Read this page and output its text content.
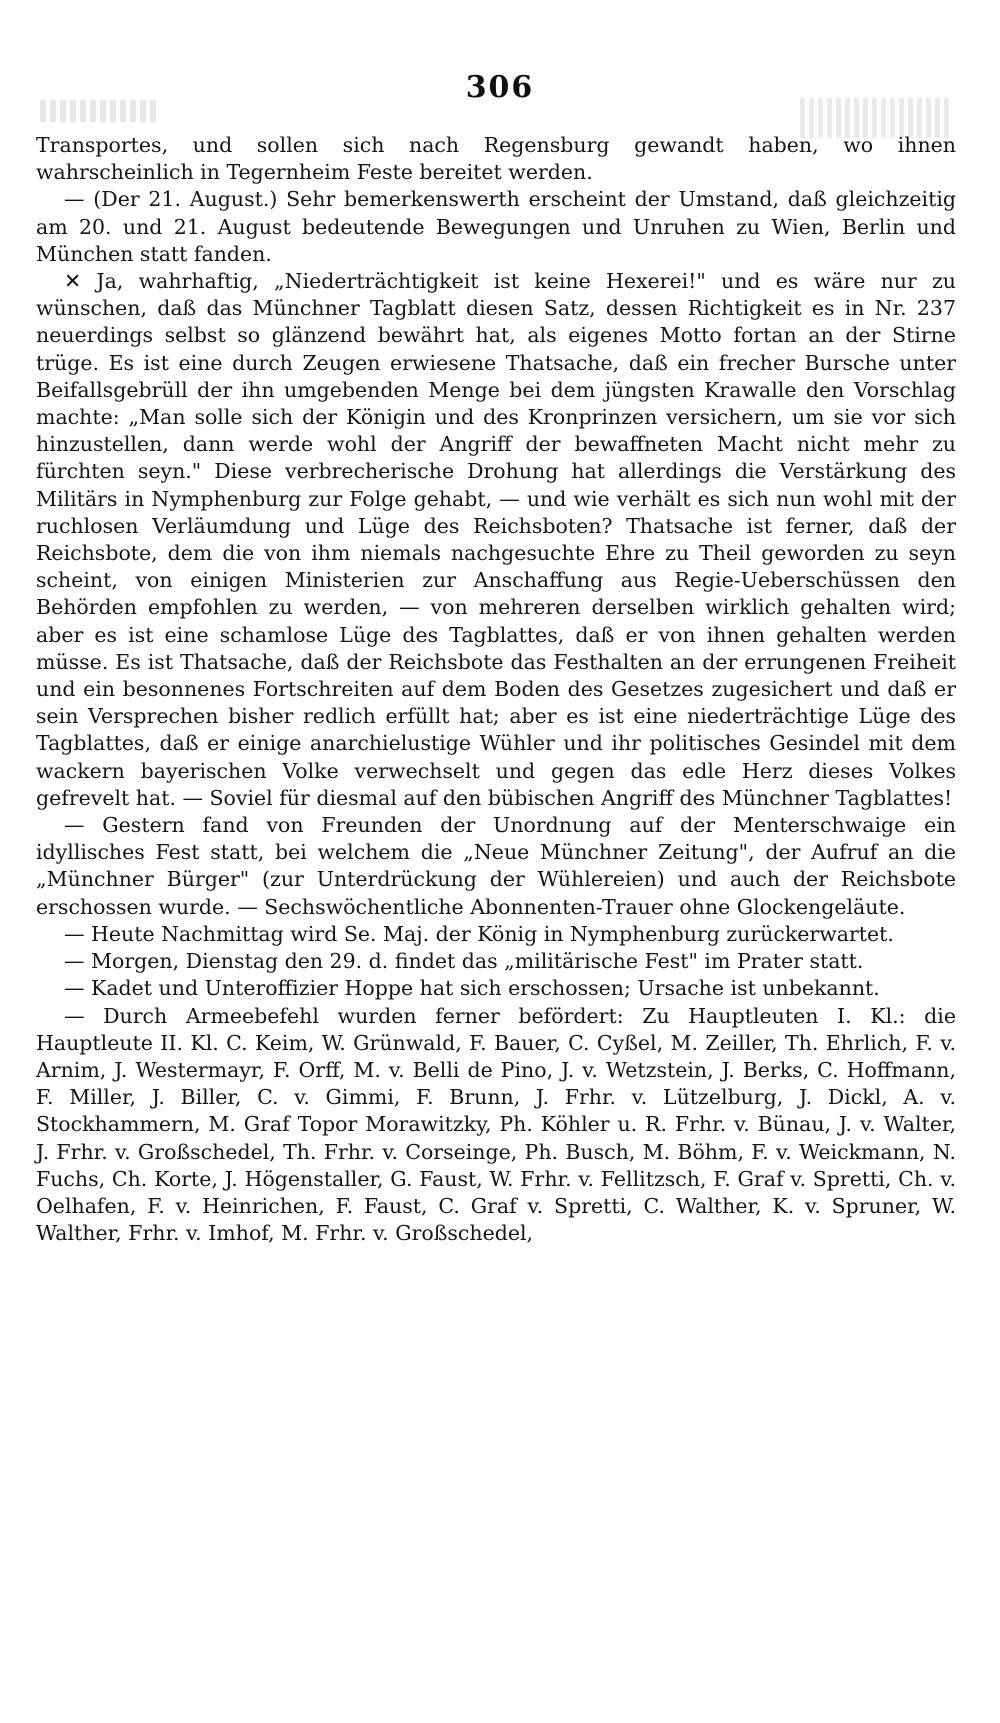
306

Transportes, und sollen sich nach Regensburg gewandt haben, wo ihnen wahrscheinlich in Tegernheim Feste bereitet werden.

— (Der 21. August.) Sehr bemerkenswerth erscheint der Umstand, daß gleichzeitig am 20. und 21. August bedeutende Bewegungen und Unruhen zu Wien, Berlin und München statt fanden.

✕ Ja, wahrhaftig, „Niederträchtigkeit ist keine Hexerei!" und es wäre nur zu wünschen, daß das Münchner Tagblatt diesen Satz, dessen Richtigkeit es in Nr. 237 neuerdings selbst so glänzend bewährt hat, als eigenes Motto fortan an der Stirne trüge. Es ist eine durch Zeugen erwiesene Thatsache, daß ein frecher Bursche unter Beifallsgebrüll der ihn umgebenden Menge bei dem jüngsten Krawalle den Vorschlag machte: „Man solle sich der Königin und des Kronprinzen versichern, um sie vor sich hinzustellen, dann werde wohl der Angriff der bewaffneten Macht nicht mehr zu fürchten seyn." Diese verbrecherische Drohung hat allerdings die Verstärkung des Militärs in Nymphenburg zur Folge gehabt, — und wie verhält es sich nun wohl mit der ruchlosen Verläumdung und Lüge des Reichsboten? Thatsache ist ferner, daß der Reichsbote, dem die von ihm niemals nachgesuchte Ehre zu Theil geworden zu seyn scheint, von einigen Ministerien zur Anschaffung aus Regie-Ueberschüssen den Behörden empfohlen zu werden, — von mehreren derselben wirklich gehalten wird; aber es ist eine schamlose Lüge des Tagblattes, daß er von ihnen gehalten werden müsse. Es ist Thatsache, daß der Reichsbote das Festhalten an der errungenen Freiheit und ein besonnenes Fortschreiten auf dem Boden des Gesetzes zugesichert und daß er sein Versprechen bisher redlich erfüllt hat; aber es ist eine niederträchtige Lüge des Tagblattes, daß er einige anarchielustige Wühler und ihr politisches Gesindel mit dem wackern bayerischen Volke verwechselt und gegen das edle Herz dieses Volkes gefrevelt hat. — Soviel für diesmal auf den bübischen Angriff des Münchner Tagblattes!

— Gestern fand von Freunden der Unordnung auf der Menterschwaige ein idyllisches Fest statt, bei welchem die „Neue Münchner Zeitung", der Aufruf an die „Münchner Bürger" (zur Unterdrückung der Wühlereien) und auch der Reichsbote erschossen wurde. — Sechswöchentliche Abonnenten-Trauer ohne Glockengeläute.

— Heute Nachmittag wird Se. Maj. der König in Nymphenburg zurückerwartet.

— Morgen, Dienstag den 29. d. findet das „militärische Fest" im Prater statt.

— Kadet und Unteroffizier Hoppe hat sich erschossen; Ursache ist unbekannt.

— Durch Armeebefehl wurden ferner befördert: Zu Hauptleuten I. Kl.: die Hauptleute II. Kl. C. Keim, W. Grünwald, F. Bauer, C. Cyßel, M. Zeiller, Th. Ehrlich, F. v. Arnim, J. Westermayr, F. Orff, M. v. Belli de Pino, J. v. Wetzstein, J. Berks, C. Hoffmann, F. Miller, J. Biller, C. v. Gimmi, F. Brunn, J. Frhr. v. Lützelburg, J. Dickl, A. v. Stockhammern, M. Graf Topor Morawitzky, Ph. Köhler u. R. Frhr. v. Bünau, J. v. Walter, J. Frhr. v. Großschedel, Th. Frhr. v. Corseinge, Ph. Busch, M. Böhm, F. v. Weickmann, N. Fuchs, Ch. Korte, J. Högenstaller, G. Faust, W. Frhr. v. Fellitzsch, F. Graf v. Spretti, Ch. v. Oelhafen, F. v. Heinrichen, F. Faust, C. Graf v. Spretti, C. Walther, K. v. Spruner, W. Walther, Frhr. v. Imhof, M. Frhr. v. Großschedel,
